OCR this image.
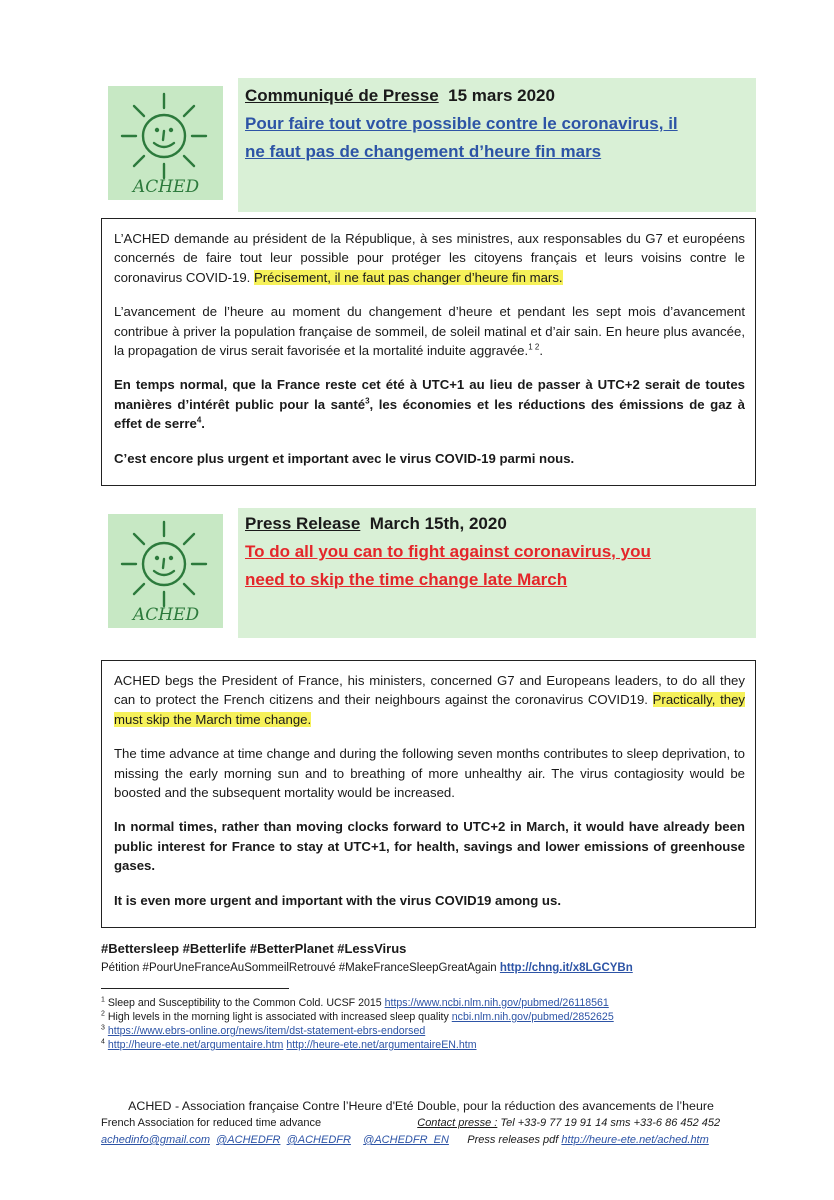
ACHED
Communiqué de Presse 15 mars 2020
Pour faire tout votre possible contre le coronavirus, il
ne faut pas de changement d’heure fin mars

L’ACHED demande au président de la République, à ses ministres, aux responsables du G7 et européens concernés de faire tout leur possible pour protéger les citoyens français et leurs voisins contre le coronavirus COVID-19. Précisement, il ne faut pas changer d’heure fin mars.

L’avancement de l’heure au moment du changement d’heure et pendant les sept mois d’avancement contribue à priver la population française de sommeil, de soleil matinal et d’air sain. En heure plus avancée, la propagation de virus serait favorisée et la mortalité induite aggravée.$^{1 2}$.

En temps normal, que la France reste cet été à UTC+1 au lieu de passer à UTC+2 serait de toutes manières d’intérêt public pour la santé$^3$, les économies et les réductions des émissions de gaz à effet de serre$^4$.

C’est encore plus urgent et important avec le virus COVID-19 parmi nous.

ACHED
Press Release March 15th, 2020
To do all you can to fight against coronavirus, you
need to skip the time change late March

ACHED begs the President of France, his ministers, concerned G7 and Europeans leaders, to do all they can to protect the French citizens and their neighbours against the coronavirus COVID19. Practically, they must skip the March time change.

The time advance at time change and during the following seven months contributes to sleep deprivation, to missing the early morning sun and to breathing of more unhealthy air. The virus contagiosity would be boosted and the subsequent mortality would be increased.

In normal times, rather than moving clocks forward to UTC+2 in March, it would have already been public interest for France to stay at UTC+1, for health, savings and lower emissions of greenhouse gases.

It is even more urgent and important with the virus COVID19 among us.

#Bettersleep #Betterlife #BetterPlanet #LessVirus
Pétition #PourUneFranceAuSommeilRetrouvé #MakeFranceSleepGreatAgain http://chng.it/x8LGCYBn
$^1$ Sleep and Susceptibility to the Common Cold. UCSF 2015 https://www.ncbi.nlm.nih.gov/pubmed/26118561
$^2$ High levels in the morning light is associated with increased sleep quality ncbi.nlm.nih.gov/pubmed/2852625
$^3$ https://www.ebrs-online.org/news/item/dst-statement-ebrs-endorsed
$^4$ http://heure-ete.net/argumentaire.htm http://heure-ete.net/argumentaireEN.htm
ACHED - Association française Contre l’Heure d'Eté Double, pour la réduction des avancements de l’heure
French Association for reduced time advance	Contact presse : Tel +33-9 77 19 91 14 sms +33-6 86 452 452
achedinfo@gmail.com @ACHEDFR @ACHEDFR @ACHEDFR_EN Press releases pdf http://heure-ete.net/ached.htm
